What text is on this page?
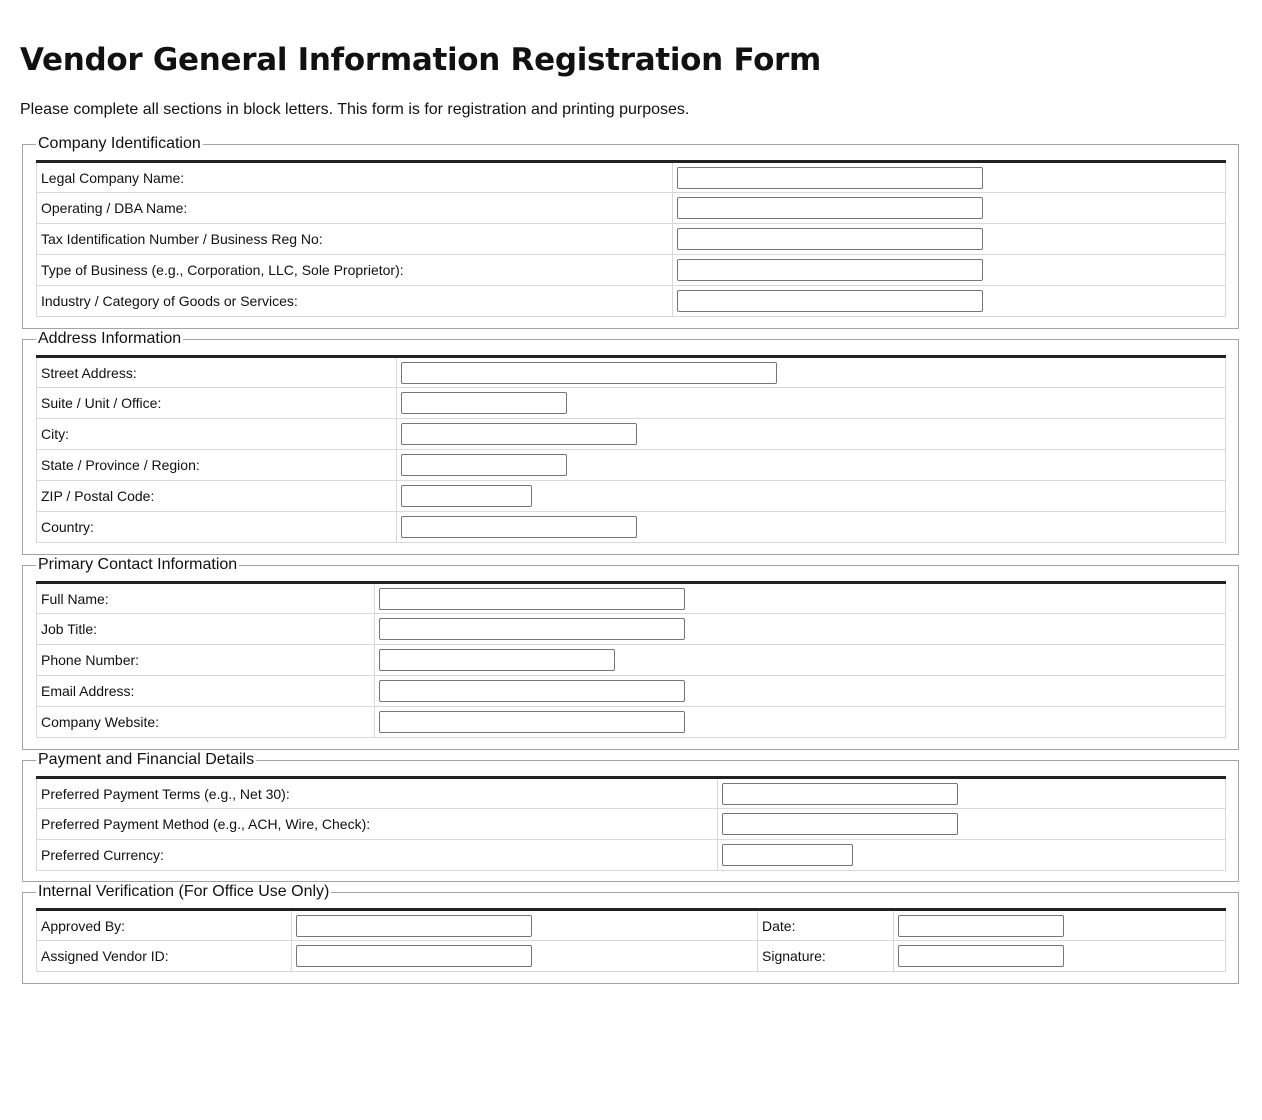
Vendor General Information Registration Form

Please complete all sections in block letters. This form is for registration and printing purposes.

Company Identification
Legal Company Name:	

Operating / DBA Name:	

Tax Identification Number / Business Reg No:	

Type of Business (e.g., Corporation, LLC, Sole Proprietor):	

Industry / Category of Goods or Services:	
Address Information
Street Address:	

Suite / Unit / Office:	

City:	

State / Province / Region:	

ZIP / Postal Code:	

Country:	
Primary Contact Information
Full Name:	

Job Title:	

Phone Number:	

Email Address:	

Company Website:	
Payment and Financial Details
Preferred Payment Terms (e.g., Net 30):	

Preferred Payment Method (e.g., ACH, Wire, Check):	

Preferred Currency:	
Internal Verification (For Office Use Only)
Approved By:		Date:	

Assigned Vendor ID:		Signature:	
